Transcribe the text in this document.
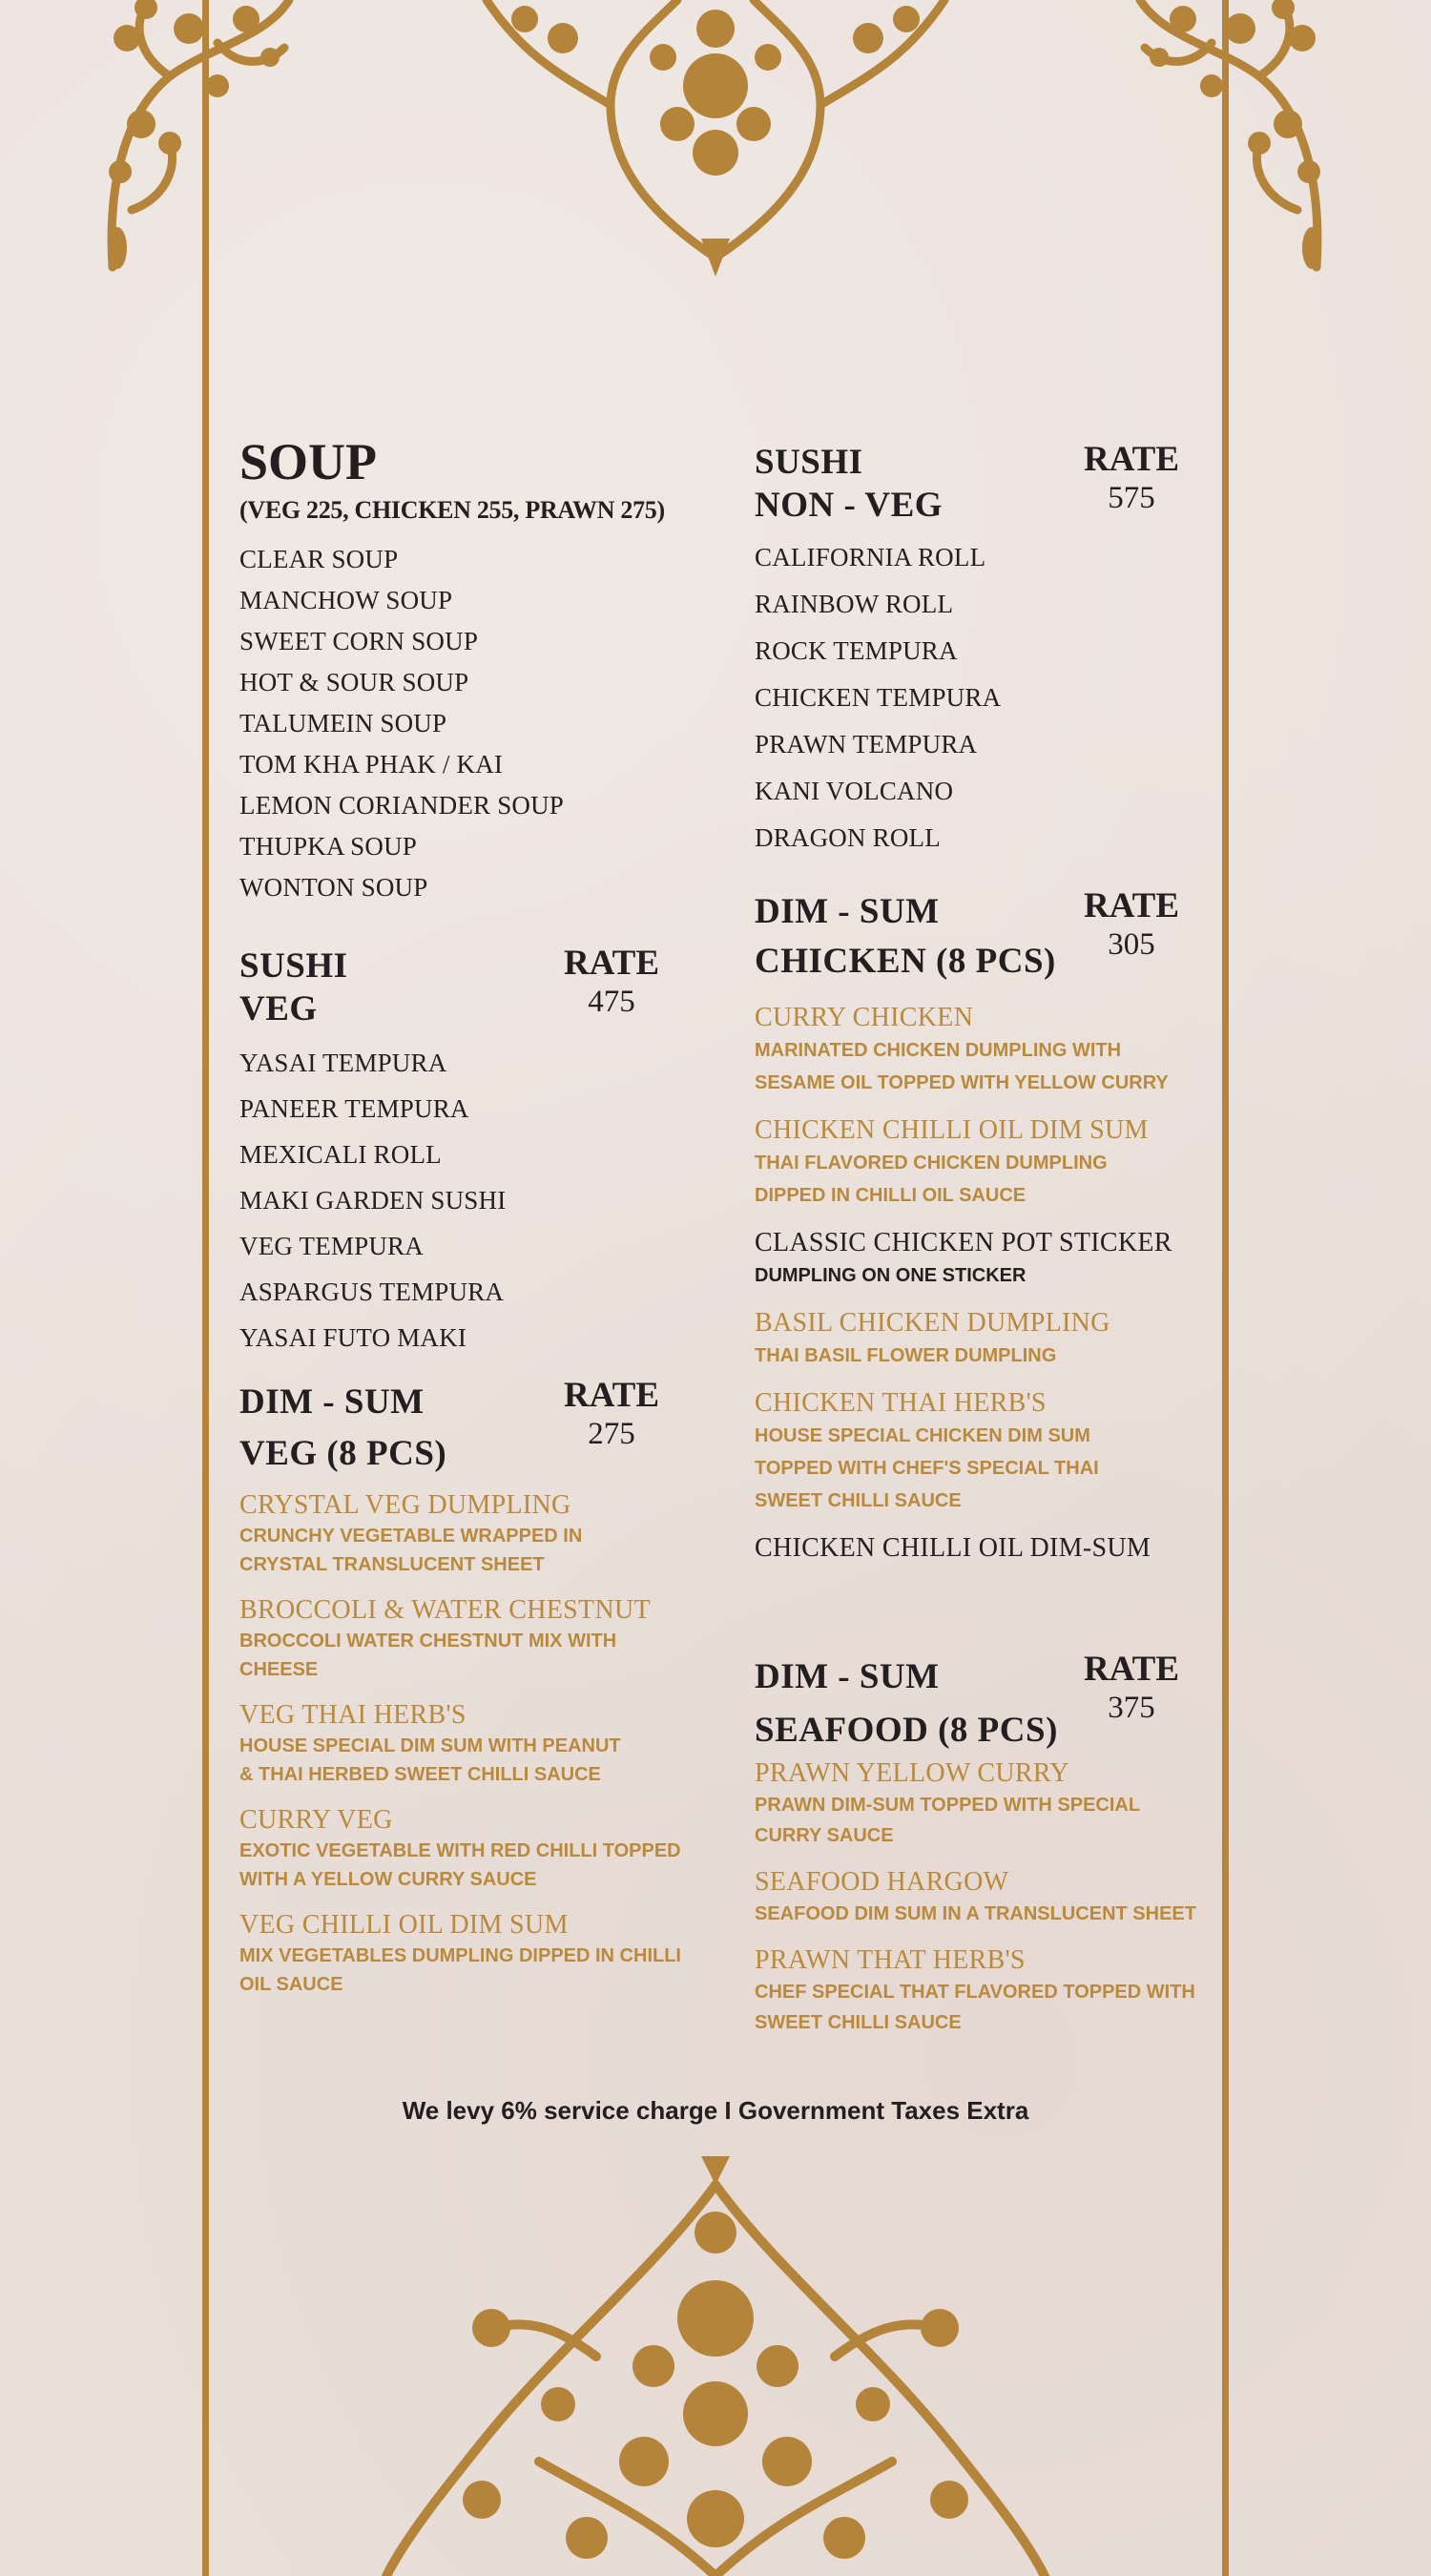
SOUP
(VEG 225, CHICKEN 255, PRAWN 275)
CLEAR SOUP
MANCHOW SOUP
SWEET CORN SOUP
HOT & SOUR SOUP
TALUMEIN SOUP
TOM KHA PHAK / KAI
LEMON CORIANDER SOUP
THUPKA SOUP
WONTON SOUP
SUSHI
VEG
RATE
475
YASAI TEMPURA
PANEER TEMPURA
MEXICALI ROLL
MAKI GARDEN SUSHI
VEG TEMPURA
ASPARGUS TEMPURA
YASAI FUTO MAKI
DIM - SUM
VEG (8 PCS)
RATE
275
CRYSTAL VEG DUMPLING
CRUNCHY VEGETABLE WRAPPED IN
CRYSTAL TRANSLUCENT SHEET
BROCCOLI & WATER CHESTNUT
BROCCOLI WATER CHESTNUT MIX WITH
CHEESE
VEG THAI HERB'S
HOUSE SPECIAL DIM SUM WITH PEANUT
& THAI HERBED SWEET CHILLI SAUCE
CURRY VEG
EXOTIC VEGETABLE WITH RED CHILLI TOPPED
WITH A YELLOW CURRY SAUCE
VEG CHILLI OIL DIM SUM
MIX VEGETABLES DUMPLING DIPPED IN CHILLI
OIL SAUCE
SUSHI
NON - VEG
RATE
575
CALIFORNIA ROLL
RAINBOW ROLL
ROCK TEMPURA
CHICKEN TEMPURA
PRAWN TEMPURA
KANI VOLCANO
DRAGON ROLL
DIM - SUM
CHICKEN (8 PCS)
RATE
305
CURRY CHICKEN
MARINATED CHICKEN DUMPLING WITH
SESAME OIL TOPPED WITH YELLOW CURRY
CHICKEN CHILLI OIL DIM SUM
THAI FLAVORED CHICKEN DUMPLING
DIPPED IN CHILLI OIL SAUCE
CLASSIC CHICKEN POT STICKER
DUMPLING ON ONE STICKER
BASIL CHICKEN DUMPLING
THAI BASIL FLOWER DUMPLING
CHICKEN THAI HERB'S
HOUSE SPECIAL CHICKEN DIM SUM
TOPPED WITH CHEF'S SPECIAL THAI
SWEET CHILLI SAUCE
CHICKEN CHILLI OIL DIM-SUM
DIM - SUM
SEAFOOD (8 PCS)
RATE
375
PRAWN YELLOW CURRY
PRAWN DIM-SUM TOPPED WITH SPECIAL
CURRY SAUCE
SEAFOOD HARGOW
SEAFOOD DIM SUM IN A TRANSLUCENT SHEET
PRAWN THAT HERB'S
CHEF SPECIAL THAT FLAVORED TOPPED WITH
SWEET CHILLI SAUCE
We levy 6% service charge I Government Taxes Extra
